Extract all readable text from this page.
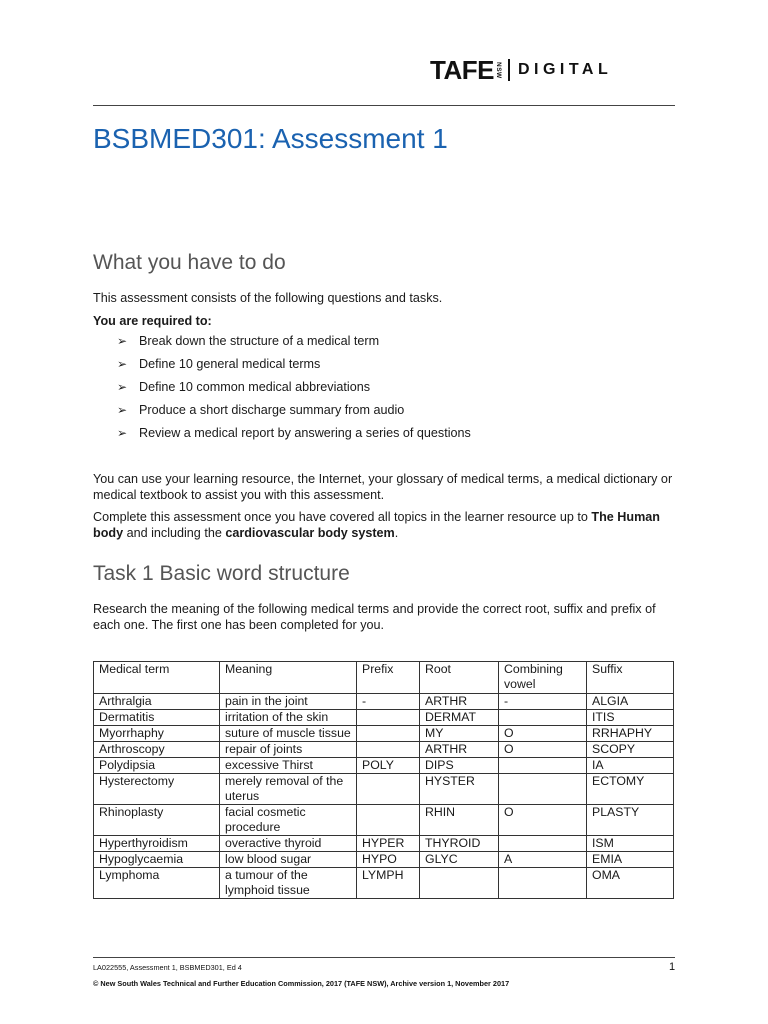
TAFE NSW DIGITAL
BSBMED301: Assessment 1
What you have to do
This assessment consists of the following questions and tasks.
You are required to:
➢ Break down the structure of a medical term
➢ Define 10 general medical terms
➢ Define 10 common medical abbreviations
➢ Produce a short discharge summary from audio
➢ Review a medical report by answering a series of questions
You can use your learning resource, the Internet, your glossary of medical terms, a medical dictionary or medical textbook to assist you with this assessment.
Complete this assessment once you have covered all topics in the learner resource up to The Human body and including the cardiovascular body system.
Task 1 Basic word structure
Research the meaning of the following medical terms and provide the correct root, suffix and prefix of each one. The first one has been completed for you.
Medical term	Meaning	Prefix	Root	Combining vowel	Suffix
Arthralgia	pain in the joint	-	ARTHR	-	ALGIA
Dermatitis	irritation of the skin		DERMAT		ITIS
Myorrhaphy	suture of muscle tissue		MY	O	RRHAPHY
Arthroscopy	repair of joints		ARTHR	O	SCOPY
Polydipsia	excessive Thirst	POLY	DIPS		IA
Hysterectomy	merely removal of the uterus		HYSTER		ECTOMY
Rhinoplasty	facial cosmetic procedure		RHIN	O	PLASTY
Hyperthyroidism	overactive thyroid	HYPER	THYROID		ISM
Hypoglycaemia	low blood sugar	HYPO	GLYC	A	EMIA
Lymphoma	a tumour of the lymphoid tissue	LYMPH			OMA
LA022555, Assessment 1, BSBMED301, Ed 4	1
© New South Wales Technical and Further Education Commission, 2017 (TAFE NSW), Archive version 1, November 2017
